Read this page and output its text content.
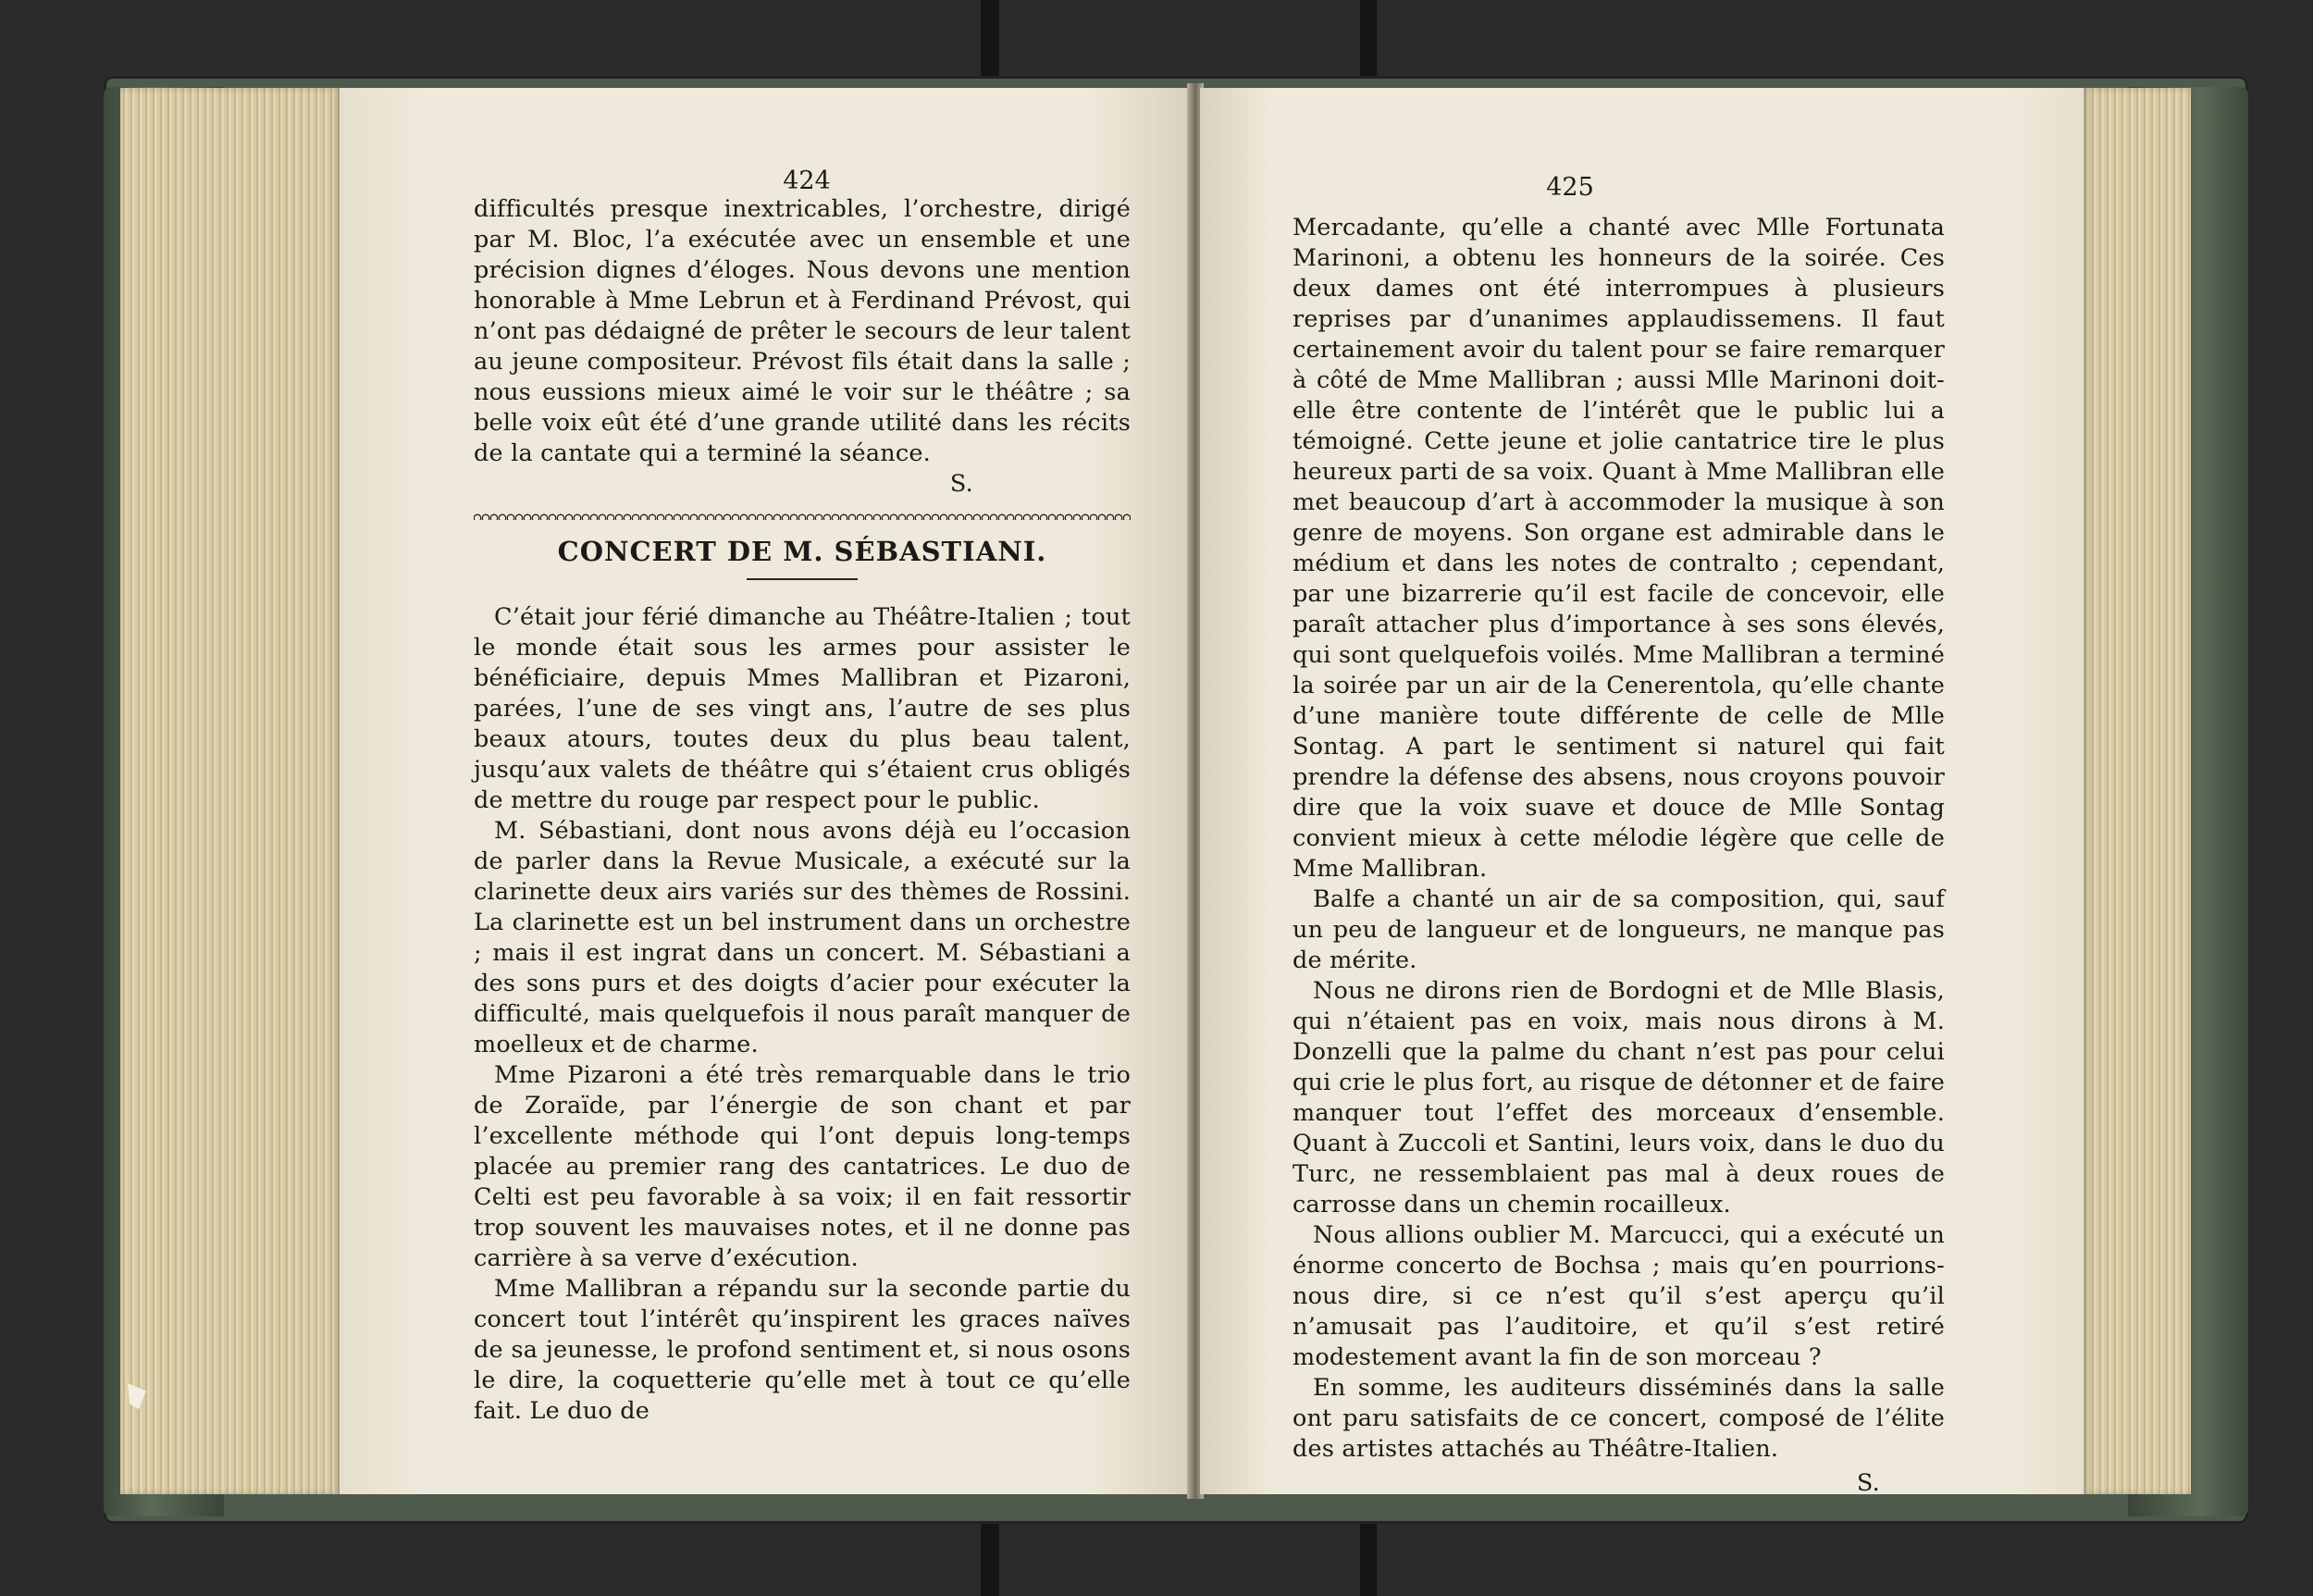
424

difficultés presque inextricables, l’orchestre, dirigé par M. Bloc, l’a exécutée avec un ensemble et une précision dignes d’éloges. Nous devons une mention honorable à Mme Lebrun et à Ferdinand Prévost, qui n’ont pas dédaigné de prêter le secours de leur talent au jeune compositeur. Prévost fils était dans la salle ; nous eussions mieux aimé le voir sur le théâtre ; sa belle voix eût été d’une grande utilité dans les récits de la cantate qui a terminé la séance.

S.

CONCERT DE M. SÉBASTIANI.

C’était jour férié dimanche au Théâtre-Italien ; tout le monde était sous les armes pour assister le bénéficiaire, depuis Mmes Mallibran et Pizaroni, parées, l’une de ses vingt ans, l’autre de ses plus beaux atours, toutes deux du plus beau talent, jusqu’aux valets de théâtre qui s’étaient crus obligés de mettre du rouge par respect pour le public.

M. Sébastiani, dont nous avons déjà eu l’occasion de parler dans la Revue Musicale, a exécuté sur la clarinette deux airs variés sur des thèmes de Rossini. La clarinette est un bel instrument dans un orchestre ; mais il est ingrat dans un concert. M. Sébastiani a des sons purs et des doigts d’acier pour exécuter la difficulté, mais quelquefois il nous paraît manquer de moelleux et de charme.

Mme Pizaroni a été très remarquable dans le trio de Zoraïde, par l’énergie de son chant et par l’excellente méthode qui l’ont depuis long-temps placée au premier rang des cantatrices. Le duo de Celti est peu favorable à sa voix; il en fait ressortir trop souvent les mauvaises notes, et il ne donne pas carrière à sa verve d’exécution.

Mme Mallibran a répandu sur la seconde partie du concert tout l’intérêt qu’inspirent les graces naïves de sa jeunesse, le profond sentiment et, si nous osons le dire, la coquetterie qu’elle met à tout ce qu’elle fait. Le duo de

425

Mercadante, qu’elle a chanté avec Mlle Fortunata Marinoni, a obtenu les honneurs de la soirée. Ces deux dames ont été interrompues à plusieurs reprises par d’unanimes applaudissemens. Il faut certainement avoir du talent pour se faire remarquer à côté de Mme Mallibran ; aussi Mlle Marinoni doit-elle être contente de l’intérêt que le public lui a témoigné. Cette jeune et jolie cantatrice tire le plus heureux parti de sa voix. Quant à Mme Mallibran elle met beaucoup d’art à accommoder la musique à son genre de moyens. Son organe est admirable dans le médium et dans les notes de contralto ; cependant, par une bizarrerie qu’il est facile de concevoir, elle paraît attacher plus d’importance à ses sons élevés, qui sont quelquefois voilés. Mme Mallibran a terminé la soirée par un air de la Cenerentola, qu’elle chante d’une manière toute différente de celle de Mlle Sontag. A part le sentiment si naturel qui fait prendre la défense des absens, nous croyons pouvoir dire que la voix suave et douce de Mlle Sontag convient mieux à cette mélodie légère que celle de Mme Mallibran.

Balfe a chanté un air de sa composition, qui, sauf un peu de langueur et de longueurs, ne manque pas de mérite.

Nous ne dirons rien de Bordogni et de Mlle Blasis, qui n’étaient pas en voix, mais nous dirons à M. Donzelli que la palme du chant n’est pas pour celui qui crie le plus fort, au risque de détonner et de faire manquer tout l’effet des morceaux d’ensemble. Quant à Zuccoli et Santini, leurs voix, dans le duo du Turc, ne ressemblaient pas mal à deux roues de carrosse dans un chemin rocailleux.

Nous allions oublier M. Marcucci, qui a exécuté un énorme concerto de Bochsa ; mais qu’en pourrions-nous dire, si ce n’est qu’il s’est aperçu qu’il n’amusait pas l’auditoire, et qu’il s’est retiré modestement avant la fin de son morceau ?

En somme, les auditeurs disséminés dans la salle ont paru satisfaits de ce concert, composé de l’élite des artistes attachés au Théâtre-Italien.

S.
